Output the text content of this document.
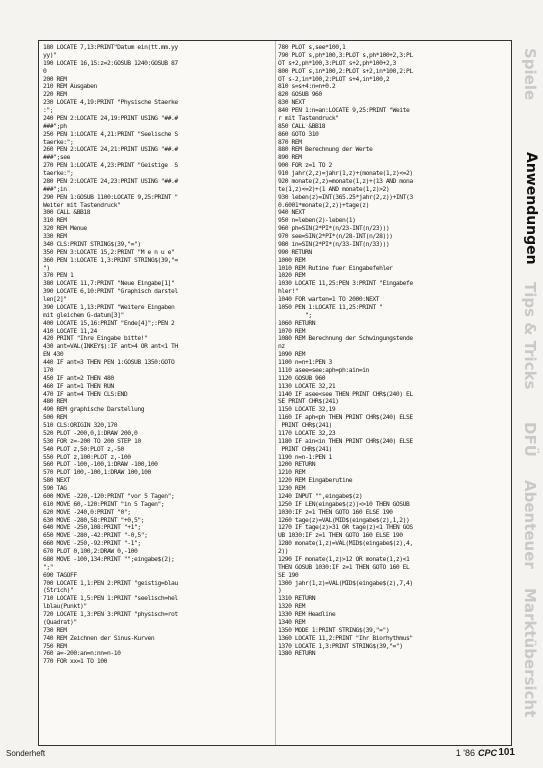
180 LOCATE 7,13:PRINT"Datum ein(tt.mm.yy
yy)"
190 LOCATE 16,15:z=2:GOSUB 1240:GOSUB 87
0
200 REM
210 REM Ausgaben
220 REM
230 LOCATE 4,19:PRINT "Physische Staerke
:";
240 PEN 2:LOCATE 24,19:PRINT USING "##.#
###";ph
250 PEN 1:LOCATE 4,21:PRINT "Seelische S
taerke:";
260 PEN 2:LOCATE 24,21:PRINT USING "##.#
###";see
270 PEN 1:LOCATE 4,23:PRINT "Geistige  S
taerke:";
280 PEN 2:LOCATE 24,23:PRINT USING "##.#
###";in
290 PEN 1:GOSUB 1100:LOCATE 9,25:PRINT "
Weiter mit Tastendruck"
300 CALL &BB18
310 REM
320 REM Menue
330 REM
340 CLS:PRINT STRING$(39,"=")
350 PEN 3:LOCATE 15,2:PRINT "M e n u e"
360 PEN 1:LOCATE 1,3:PRINT STRING$(39,"=
")
370 PEN 1
380 LOCATE 11,7:PRINT "Neue Eingabe[1]"
390 LOCATE 6,10:PRINT "Graphisch darstel
len[2]"
390 LOCATE 1,13:PRINT "Weitere Eingaben
mit gleichem G-datum[3]"
400 LOCATE 15,16:PRINT "Ende[4]";:PEN 2
410 LOCATE 11,24
420 PRINT "Ihre Eingabe bitte!"
430 ant=VAL(INKEY$):IF ant>4 OR ant<1 TH
EN 430
440 IF ant=3 THEN PEN 1:GOSUB 1350:GOTO
170
450 IF ant=2 THEN 480
460 IF ant=1 THEN RUN
470 IF ant=4 THEN CLS:END
480 REM
490 REM graphische Darstellung
500 REM
510 CLS:ORIGIN 320,170
520 PLOT -200,0,1:DRAW 200,0
530 FOR z=-200 TO 200 STEP 10
540 PLOT z,50:PLOT z,-50
550 PLOT z,100:PLOT z,-100
560 PLOT -100,-100,1:DRAW -100,100
570 PLOT 100,-100,1:DRAW 100,100
580 NEXT
590 TAG
600 MOVE -220,-120:PRINT "vor 5 Tagen";
610 MOVE 60,-120:PRINT "in 5 Tagen";
620 MOVE -240,0:PRINT "0";
630 MOVE -280,58:PRINT "+0,5";
640 MOVE -250,108:PRINT "+1";
650 MOVE -280,-42:PRINT "-0,5";
660 MOVE -250,-92:PRINT "-1";
670 PLOT 0,100,2:DRAW 0,-100
680 MOVE -100,134:PRINT "";eingabe$(2);
";"
690 TAGOFF
700 LOCATE 1,1:PEN 2:PRINT "geistig=blau
(Strich)"
710 LOCATE 1,5:PEN 1:PRINT "seelisch=hel
lblau(Punkt)"
720 LOCATE 1,3:PEN 3:PRINT "physisch=rot
(Quadrat)"
730 REM
740 REM Zeichnen der Sinus-Kurven
750 REM
760 a=-200:an=n:nn=n-10
770 FOR xx=1 TO 100
780 PLOT s,see*100,1
790 PLOT s,ph*100,3:PLOT s,ph*100+2,3:PL
OT s+2,ph*100,3:PLOT s+2,ph*100+2,3
800 PLOT s,in*100,2:PLOT s+2,in*100,2:PL
OT s-2,in*100,2:PLOT s+4,in*100,2
810 s=s+4:n=n+0.2
820 GOSUB 960
830 NEXT
840 PEN 1:n=an:LOCATE 9,25:PRINT "Weite
r mit Tastendruck"
850 CALL &BB18
860 GOTO 310
870 REM
880 REM Berechnung der Werte
890 REM
900 FOR z=1 TO 2
910 jahr(2,z)=jahr(1,z)+(monate(1,z)<=2)
920 monate(2,z)=monate(1,z)+(13 AND mona
te(1,z)<=2)+(1 AND monate(1,z)>2)
930 leben(z)=INT(365.25*jahr(2,z))+INT(3
0.6001*monate(2,z))+tage(z)
940 NEXT
950 n=leben(2)-leben(1)
960 ph=SIN(2*PI*(n/23-INT(n/23)))
970 see=SIN(2*PI*(n/28-INT(n/28)))
980 in=SIN(2*PI*(n/33-INT(n/33)))
990 RETURN
1000 REM
1010 REM Rutine fuer Eingabefehler
1020 REM
1030 LOCATE 11,25:PEN 3:PRINT "Eingabefe
hler!"
1040 FOR warten=1 TO 2000:NEXT
1050 PEN 1:LOCATE 11,25:PRINT "
";
1060 RETURN
1070 REM
1080 REM Berechnung der Schwingungstende
nz
1090 REM
1100 n=n+1:PEN 3
1110 asee=see:aph=ph:ain=in
1120 GOSUB 960
1130 LOCATE 32,21
1140 IF asee<see THEN PRINT CHR$(240) EL
SE PRINT CHR$(241)
1150 LOCATE 32,19
1160 IF aph<ph THEN PRINT CHR$(240) ELSE
PRINT CHR$(241)
1170 LOCATE 32,23
1180 IF ain<in THEN PRINT CHR$(240) ELSE
PRINT CHR$(241)
1190 n=n-1:PEN 1
1200 RETURN
1210 REM
1220 REM Eingaberutine
1230 REM
1240 INPUT "",eingabe$(z)
1250 IF LEN(eingabe$(z))<>10 THEN GOSUB
1030:IF z=1 THEN GOTO 160 ELSE 190
1260 tage(z)=VAL(MID$(eingabe$(z),1,2))
1270 IF tage(z)>31 OR tage(z)<1 THEN GOS
UB 1030:IF z=1 THEN GOTO 160 ELSE 190
1280 monate(1,z)=VAL(MID$(eingabe$(z),4,
2))
1290 IF monate(1,z)>12 OR monate(1,z)<1
THEN GOSUB 1030:IF z=1 THEN GOTO 160 EL
SE 190
1300 jahr(1,z)=VAL(MID$(eingabe$(z),7,4)
)
1310 RETURN
1320 REM
1330 REM Headline
1340 REM
1350 MODE 1:PRINT STRING$(39,"=")
1360 LOCATE 11,2:PRINT "Ihr Biorhythmus"
1370 LOCATE 1,3:PRINT STRING$(39,"=")
1380 RETURN
Spiele
Anwendungen
Tips & Tricks
DFÜ
Abenteuer
Marktübersicht
Sonderheft	1 '86 CPC 101
